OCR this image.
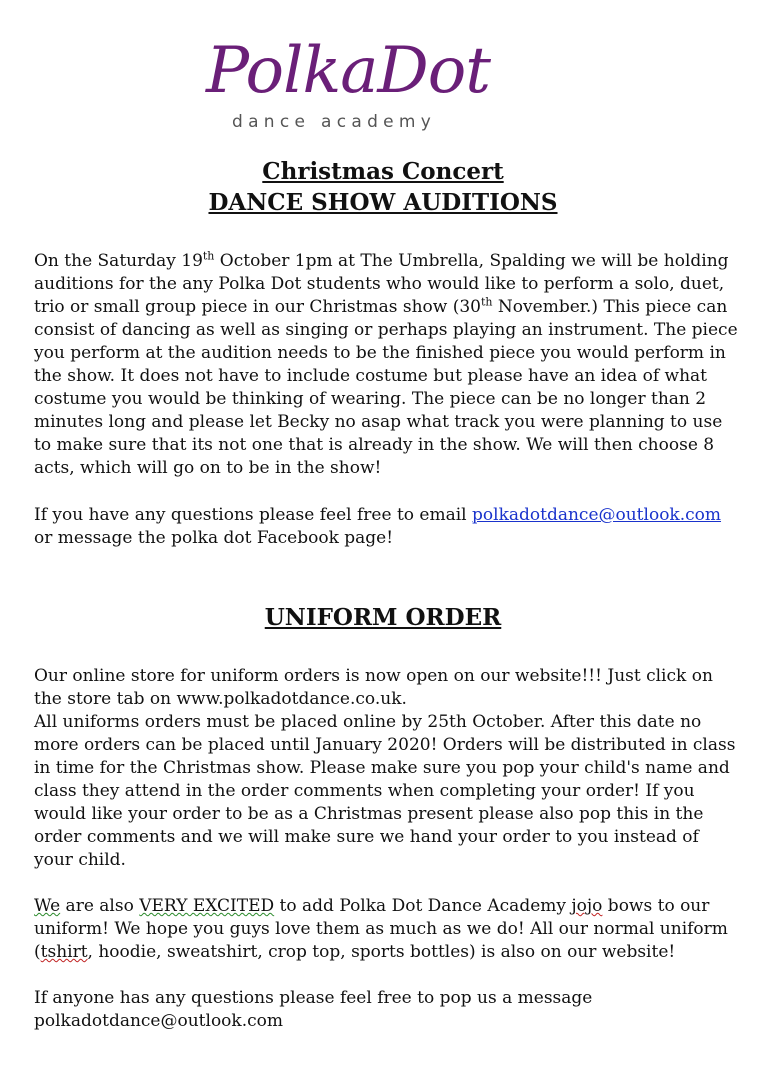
PolkaDot
dance academy
Christmas Concert
DANCE SHOW AUDITIONS
On the Saturday 19th October 1pm at The Umbrella, Spalding we will be holding
auditions for the any Polka Dot students who would like to perform a solo, duet,
trio or small group piece in our Christmas show (30th November.) This piece can
consist of dancing as well as singing or perhaps playing an instrument. The piece
you perform at the audition needs to be the finished piece you would perform in
the show. It does not have to include costume but please have an idea of what
costume you would be thinking of wearing. The piece can be no longer than 2
minutes long and please let Becky no asap what track you were planning to use
to make sure that its not one that is already in the show. We will then choose 8
acts, which will go on to be in the show!
If you have any questions please feel free to email polkadotdance@outlook.com
or message the polka dot Facebook page!
UNIFORM ORDER
Our online store for uniform orders is now open on our website!!! Just click on
the store tab on www.polkadotdance.co.uk.
All uniforms orders must be placed online by 25th October. After this date no
more orders can be placed until January 2020! Orders will be distributed in class
in time for the Christmas show. Please make sure you pop your child's name and
class they attend in the order comments when completing your order! If you
would like your order to be as a Christmas present please also pop this in the
order comments and we will make sure we hand your order to you instead of
your child.
We are also VERY EXCITED to add Polka Dot Dance Academy jojo bows to our
uniform! We hope you guys love them as much as we do! All our normal uniform
(tshirt, hoodie, sweatshirt, crop top, sports bottles) is also on our website!
If anyone has any questions please feel free to pop us a message
polkadotdance@outlook.com
